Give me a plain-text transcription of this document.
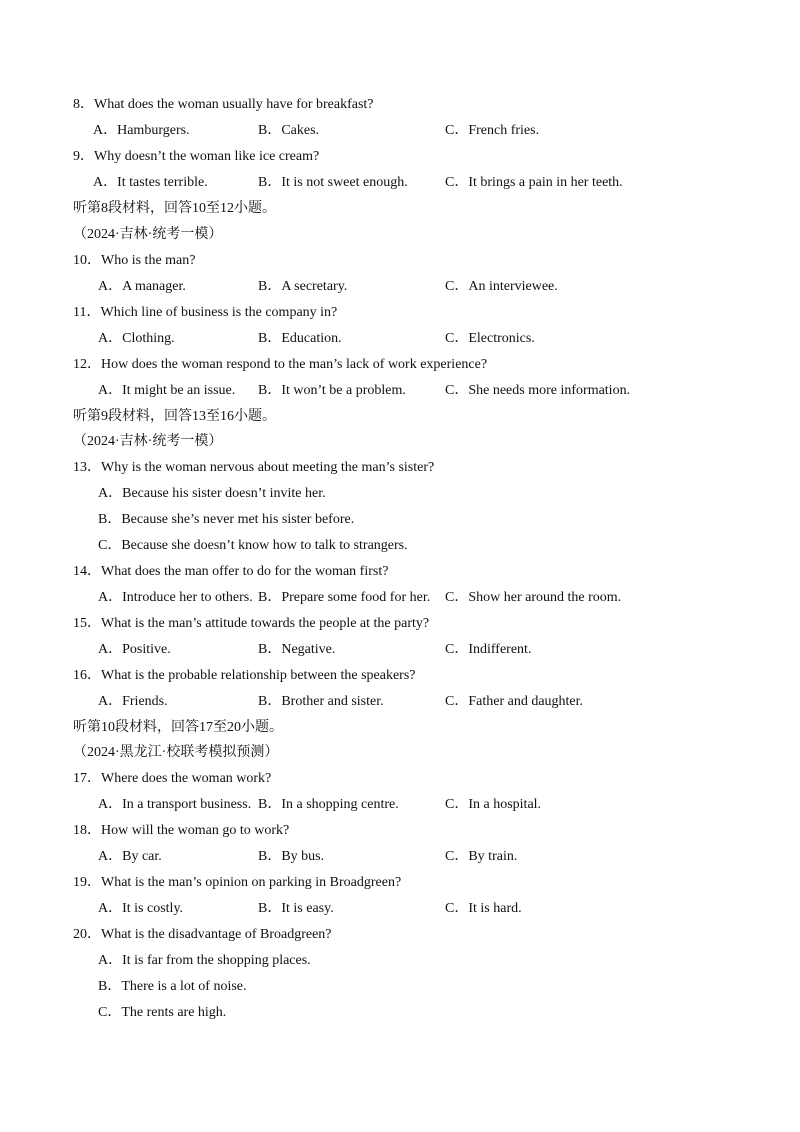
8．What does the woman usually have for breakfast?
A．Hamburgers.	B．Cakes.	C．French fries.
9．Why doesn’t the woman like ice cream?
A．It tastes terrible.	B．It is not sweet enough.	C．It brings a pain in her teeth.
听第8段材料，回答10至12小题。
（2024·吉林·统考一模）
10．Who is the man?
A．A manager.	B．A secretary.	C．An interviewee.
11．Which line of business is the company in?
A．Clothing.	B．Education.	C．Electronics.
12．How does the woman respond to the man’s lack of work experience?
A．It might be an issue. B．It won’t be a problem.	C．She needs more information.
听第9段材料，回答13至16小题。
（2024·吉林·统考一模）
13．Why is the woman nervous about meeting the man’s sister?
A．Because his sister doesn’t invite her.
B．Because she’s never met his sister before.
C．Because she doesn’t know how to talk to strangers.
14．What does the man offer to do for the woman first?
A．Introduce her to others. B．Prepare some food for her. C．Show her around the room.
15．What is the man’s attitude towards the people at the party?
A．Positive.	B．Negative.	C．Indifferent.
16．What is the probable relationship between the speakers?
A．Friends.	B．Brother and sister.	C．Father and daughter.
听第10段材料，回答17至20小题。
（2024·黑龙江·校联考模拟预测）
17．Where does the woman work?
A．In a transport business. B．In a shopping centre.	C．In a hospital.
18．How will the woman go to work?
A．By car.	B．By bus.	C．By train.
19．What is the man’s opinion on parking in Broadgreen?
A．It is costly.	B．It is easy.	C．It is hard.
20．What is the disadvantage of Broadgreen?
A．It is far from the shopping places.
B．There is a lot of noise.
C．The rents are high.
